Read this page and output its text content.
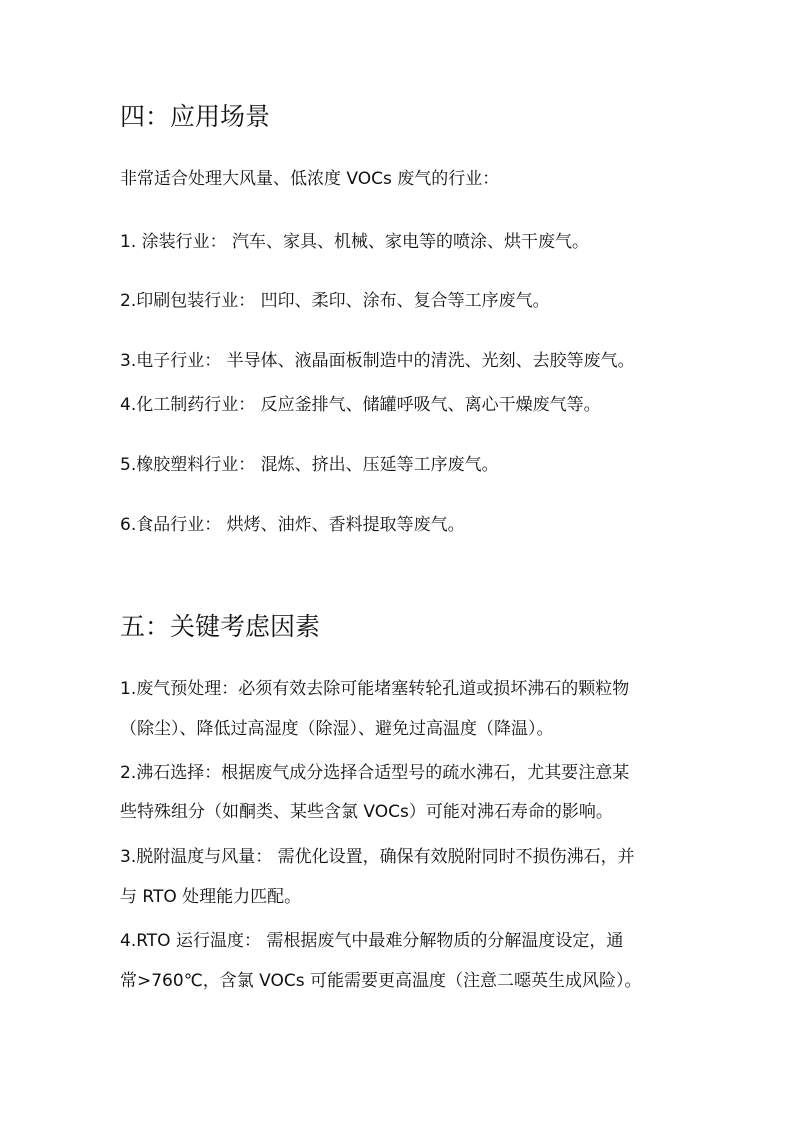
四：应用场景

非常适合处理大风量、低浓度 VOCs 废气的行业：

1. 涂装行业： 汽车、家具、机械、家电等的喷涂、烘干废气。

2.印刷包装行业： 凹印、柔印、涂布、复合等工序废气。

3.电子行业： 半导体、液晶面板制造中的清洗、光刻、去胶等废气。

4.化工制药行业： 反应釜排气、储罐呼吸气、离心干燥废气等。

5.橡胶塑料行业： 混炼、挤出、压延等工序废气。

6.食品行业： 烘烤、油炸、香料提取等废气。

五：关键考虑因素

1.废气预处理：必须有效去除可能堵塞转轮孔道或损坏沸石的颗粒物

（除尘）、降低过高湿度（除湿）、避免过高温度（降温）。

2.沸石选择：根据废气成分选择合适型号的疏水沸石，尤其要注意某

些特殊组分（如酮类、某些含氯 VOCs）可能对沸石寿命的影响。

3.脱附温度与风量： 需优化设置，确保有效脱附同时不损伤沸石，并

与 RTO 处理能力匹配。

4.RTO 运行温度： 需根据废气中最难分解物质的分解温度设定，通

常>760℃，含氯 VOCs 可能需要更高温度（注意二噁英生成风险）。
